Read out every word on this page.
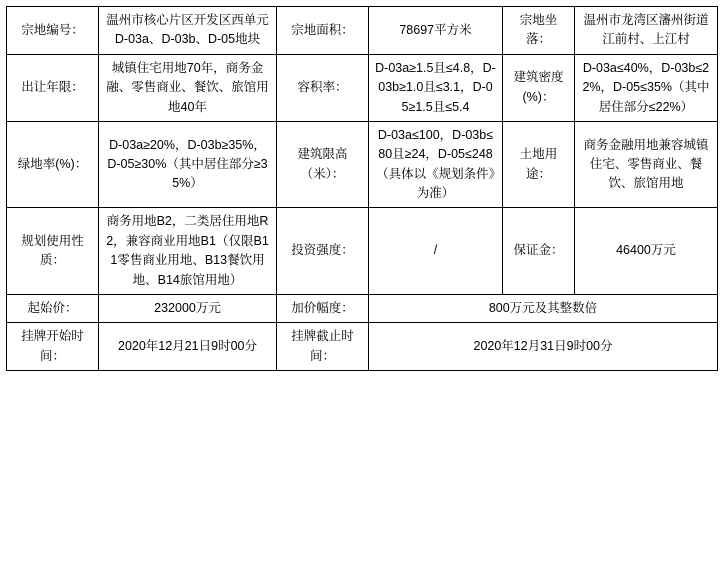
宗地编号：	温州市核心片区开发区西单元D-03a、D-03b、D-05地块	宗地面积：	78697平方米	宗地坐落：	温州市龙湾区瀋州街道江前村、上江村
出让年限：	城镇住宅用地70年，商务金融、零售商业、餐饮、旅馆用地40年	容积率：	D-03a≥1.5且≤4.8，D-03b≥1.0且≤3.1，D-05≥1.5且≤5.4	建筑密度(%)：	D-03a≤40%，D-03b≤22%，D-05≤35%（其中居住部分≤22%）
绿地率(%)：	D-03a≥20%，D-03b≥35%，D-05≥30%（其中居住部分≥35%）	建筑限高（米）：	D-03a≤100，D-03b≤80且≥24，D-05≤248（具体以《规划条件》为准）	土地用途：	商务金融用地兼容城镇住宅、零售商业、餐饮、旅馆用地
规划使用性质：	商务用地B2，二类居住用地R2，兼容商业用地B1（仅限B11零售商业用地、B13餐饮用地、B14旅馆用地）	投资强度：	/	保证金：	46400万元
起始价：	232000万元	加价幅度：	800万元及其整数倍		
挂牌开始时间：	2020年12月21日9时00分	挂牌截止时间：	2020年12月31日9时00分		
